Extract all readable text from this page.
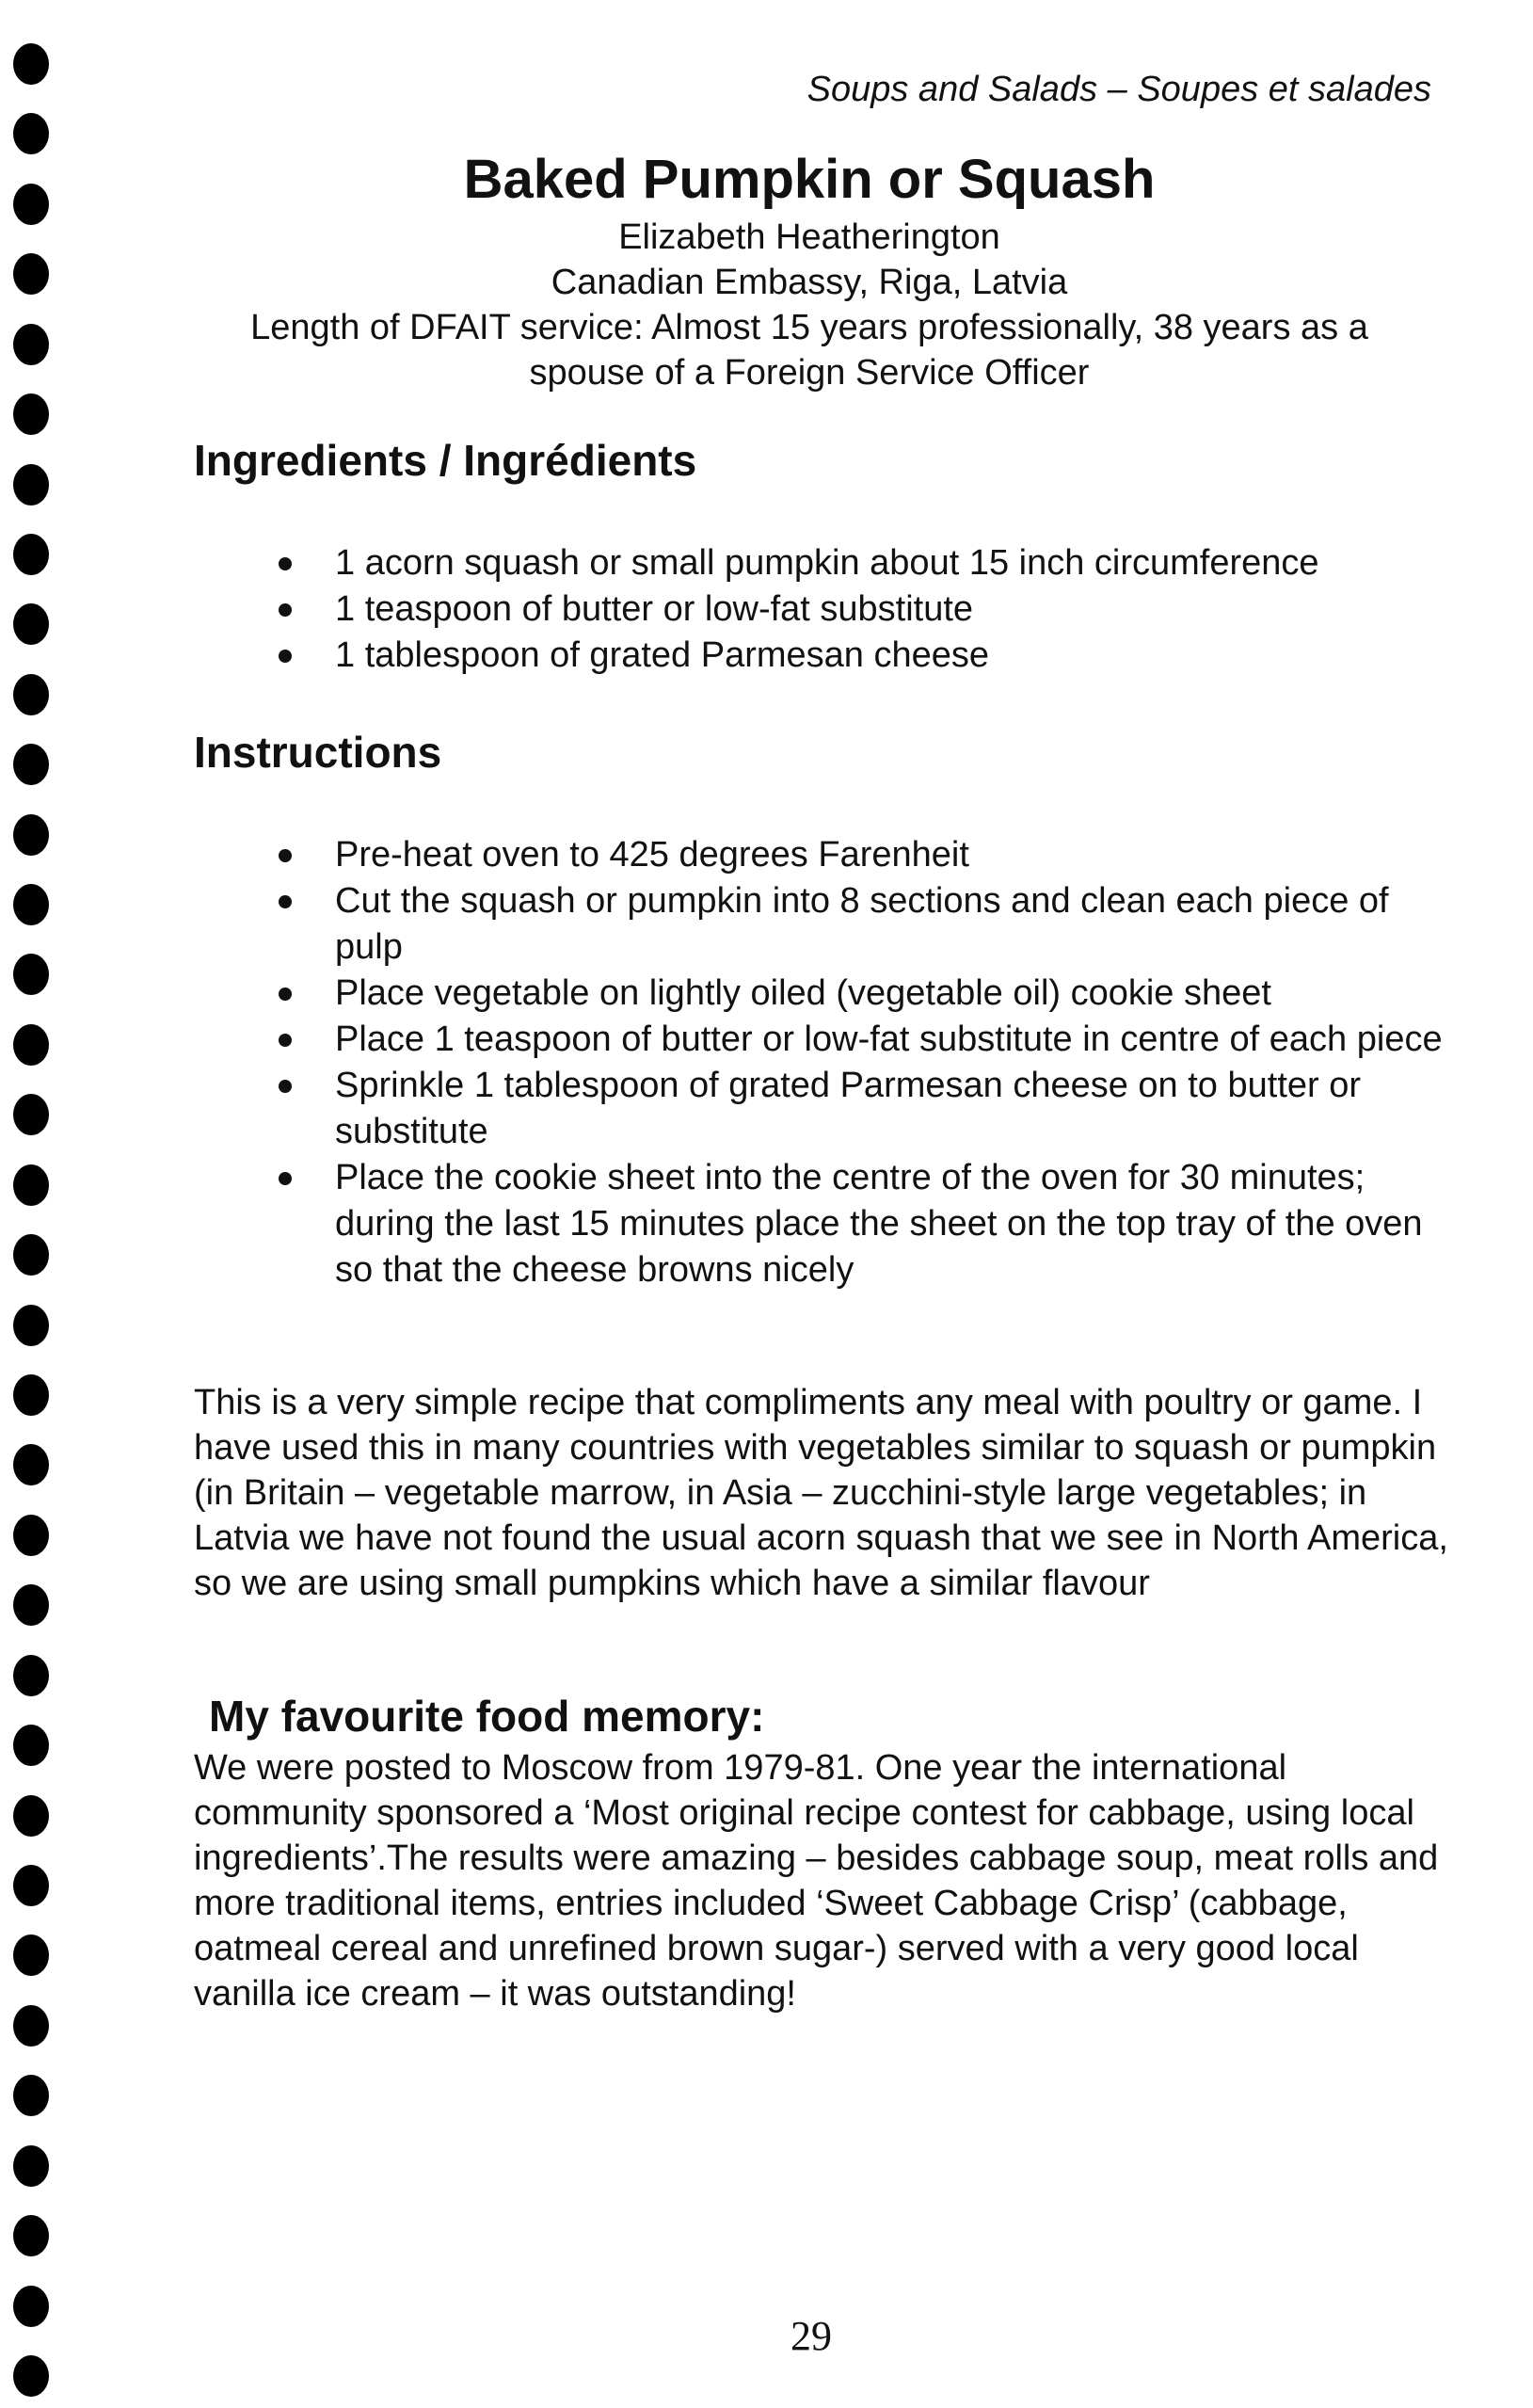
Soups and Salads – Soupes et salades
Baked Pumpkin or Squash
Elizabeth Heatherington
Canadian Embassy, Riga, Latvia
Length of DFAIT service: Almost 15 years professionally, 38 years as a
spouse of a Foreign Service Officer
Ingredients / Ingrédients
1 acorn squash or small pumpkin about 15 inch circumference
1 teaspoon of butter or low-fat substitute
1 tablespoon of grated Parmesan cheese
Instructions
Pre-heat oven to 425 degrees Farenheit
Cut the squash or pumpkin into 8 sections and clean each piece of pulp
Place vegetable on lightly oiled (vegetable oil) cookie sheet
Place 1 teaspoon of butter or low-fat substitute in centre of each piece
Sprinkle 1 tablespoon of grated Parmesan cheese on to butter or substitute
Place the cookie sheet into the centre of the oven for 30 minutes; during the last 15 minutes place the sheet on the top tray of the oven so that the cheese browns nicely

This is a very simple recipe that compliments any meal with poultry or game. I have used this in many countries with vegetables similar to squash or pumpkin (in Britain – vegetable marrow, in Asia – zucchini-style large vegetables; in Latvia we have not found the usual acorn squash that we see in North America, so we are using small pumpkins which have a similar flavour

My favourite food memory:

We were posted to Moscow from 1979-81. One year the international community sponsored a ‘Most original recipe contest for cabbage, using local ingredients’.The results were amazing – besides cabbage soup, meat rolls and more traditional items, entries included ‘Sweet Cabbage Crisp’ (cabbage, oatmeal cereal and unrefined brown sugar-) served with a very good local vanilla ice cream – it was outstanding!

29
